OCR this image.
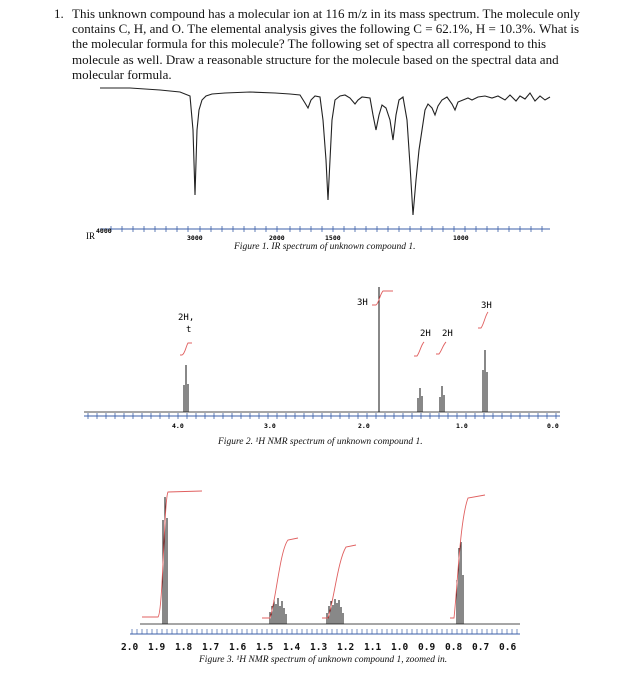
1. This unknown compound has a molecular ion at 116 m/z in its mass spectrum. The molecule only contains C, H, and O. The elemental analysis gives the following C = 62.1%, H = 10.3%. What is the molecular formula for this molecule? The following set of spectra all correspond to this molecule as well. Draw a reasonable structure for the molecule based on the spectral data and molecular formula.
IR 4000
3000	2000	1500	1000
2H,
t
3H
2H 2H
3H
4.0	3.0	2.0	1.0	0.0
2.0 1.9 1.8 1.7 1.6 1.5 1.4 1.3 1.2 1.1 1.0 0.9 0.8 0.7 0.6
Figure 1. IR spectrum of unknown compound 1.
Figure 2. ¹H NMR spectrum of unknown compound 1.
Figure 3. ¹H NMR spectrum of unknown compound 1, zoomed in.
